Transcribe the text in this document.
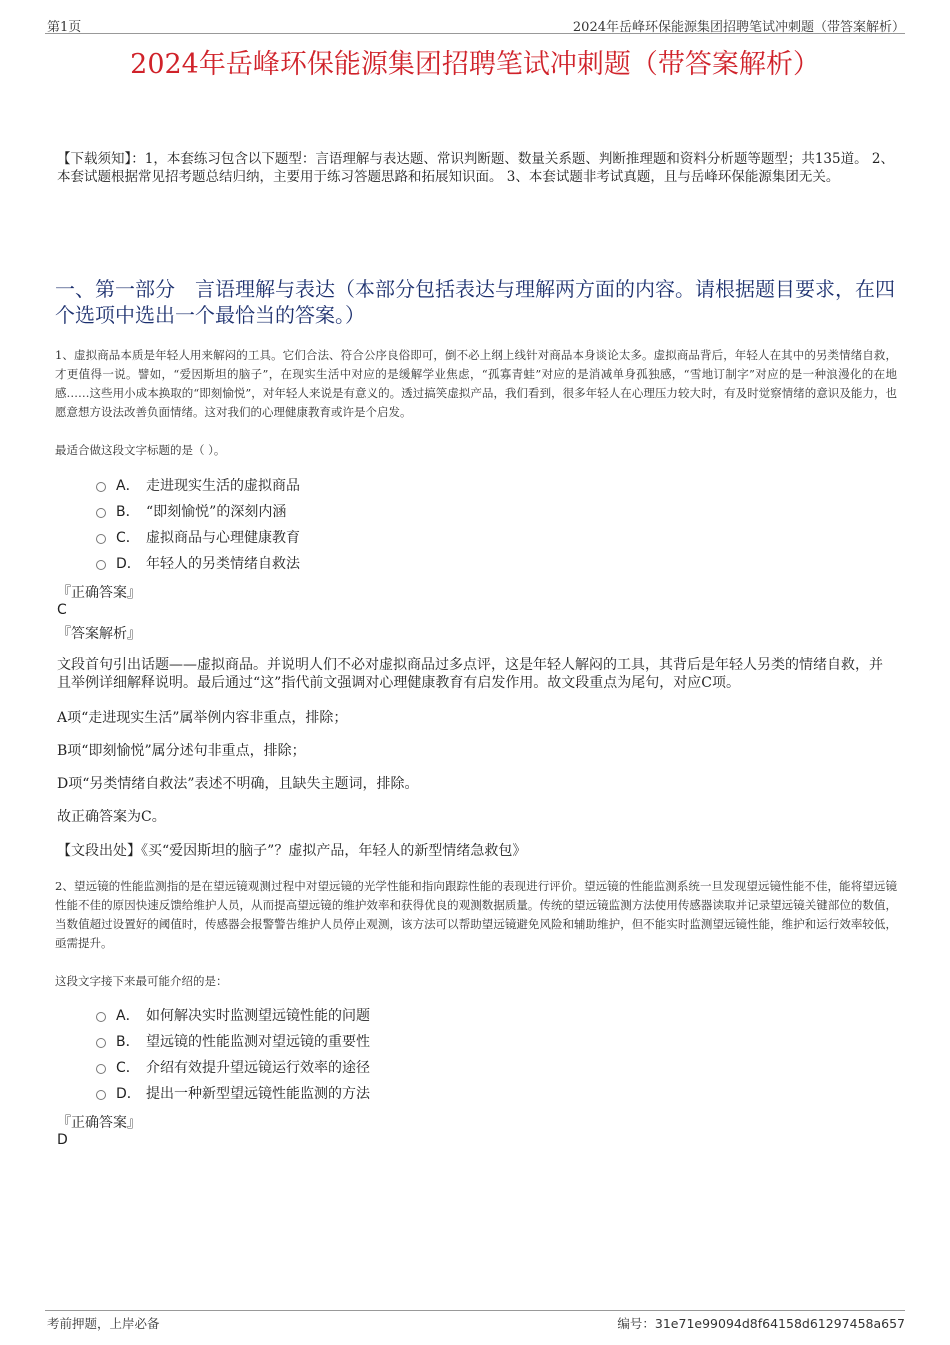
第1页	2024年岳峰环保能源集团招聘笔试冲刺题（带答案解析）
2024年岳峰环保能源集团招聘笔试冲刺题（带答案解析）
【下载须知】：1，本套练习包含以下题型：言语理解与表达题、常识判断题、数量关系题、判断推理题和资料分析题等题型；共135道。 2、本套试题根据常见招考题总结归纳，主要用于练习答题思路和拓展知识面。 3、本套试题非考试真题，且与岳峰环保能源集团无关。
一、第一部分　言语理解与表达（本部分包括表达与理解两方面的内容。请根据题目要求，在四个选项中选出一个最恰当的答案。）
1、虚拟商品本质是年轻人用来解闷的工具。它们合法、符合公序良俗即可，倒不必上纲上线针对商品本身谈论太多。虚拟商品背后，年轻人在其中的另类情绪自救，才更值得一说。譬如，“爱因斯坦的脑子”，在现实生活中对应的是缓解学业焦虑，“孤寡青蛙”对应的是消减单身孤独感，“雪地订制字”对应的是一种浪漫化的在地感……这些用小成本换取的“即刻愉悦”，对年轻人来说是有意义的。透过搞笑虚拟产品，我们看到，很多年轻人在心理压力较大时，有及时觉察情绪的意识及能力，也愿意想方设法改善负面情绪。这对我们的心理健康教育或许是个启发。
最适合做这段文字标题的是（ ）。
A． 走进现实生活的虚拟商品
B． “即刻愉悦”的深刻内涵
C． 虚拟商品与心理健康教育
D． 年轻人的另类情绪自救法
『正确答案』
C
『答案解析』
文段首句引出话题——虚拟商品。并说明人们不必对虚拟商品过多点评，这是年轻人解闷的工具，其背后是年轻人另类的情绪自救，并且举例详细解释说明。最后通过“这”指代前文强调对心理健康教育有启发作用。故文段重点为尾句，对应C项。
A项“走进现实生活”属举例内容非重点，排除；
B项“即刻愉悦”属分述句非重点，排除；
D项“另类情绪自救法”表述不明确，且缺失主题词，排除。
故正确答案为C。
【文段出处】《买“爱因斯坦的脑子”？虚拟产品，年轻人的新型情绪急救包》
2、望远镜的性能监测指的是在望远镜观测过程中对望远镜的光学性能和指向跟踪性能的表现进行评价。望远镜的性能监测系统一旦发现望远镜性能不佳，能将望远镜性能不佳的原因快速反馈给维护人员，从而提高望远镜的维护效率和获得优良的观测数据质量。传统的望远镜监测方法使用传感器读取并记录望远镜关键部位的数值，当数值超过设置好的阈值时，传感器会报警警告维护人员停止观测，该方法可以帮助望远镜避免风险和辅助维护，但不能实时监测望远镜性能，维护和运行效率较低，亟需提升。
这段文字接下来最可能介绍的是：
A． 如何解决实时监测望远镜性能的问题
B． 望远镜的性能监测对望远镜的重要性
C． 介绍有效提升望远镜运行效率的途径
D． 提出一种新型望远镜性能监测的方法
『正确答案』
D
考前押题，上岸必备	编号：31e71e99094d8f64158d61297458a657
